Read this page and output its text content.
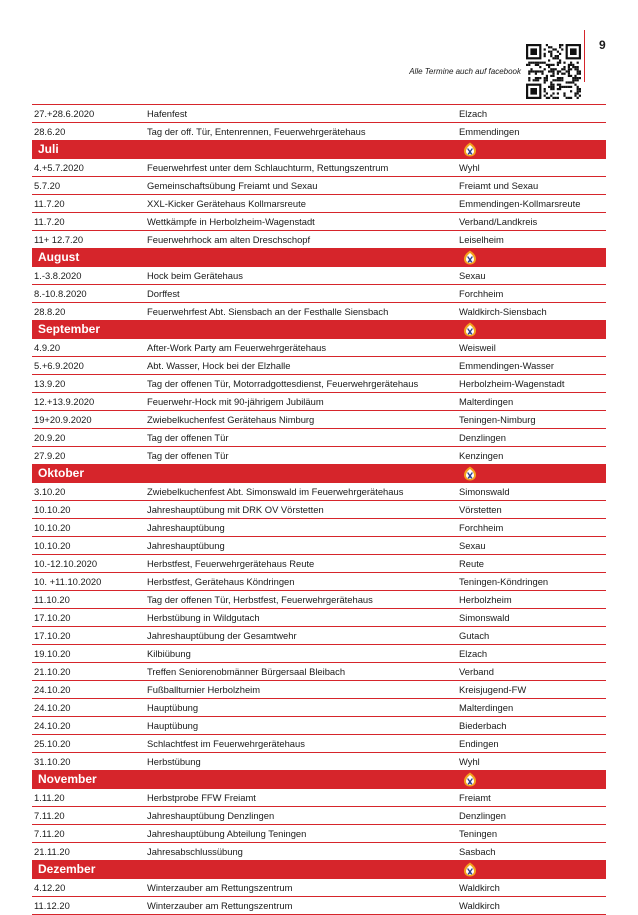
9
Alle Termine auch auf facebook
27.+28.6.2020	Hafenfest	Elzach
28.6.20	Tag der off. Tür, Entenrennen, Feuerwehrgerätehaus	Emmendingen
Juli
4.+5.7.2020	Feuerwehrfest unter dem Schlauchturm, Rettungszentrum	Wyhl
5.7.20	Gemeinschaftsübung Freiamt und Sexau	Freiamt und Sexau
11.7.20	XXL-Kicker Gerätehaus Kollmarsreute	Emmendingen-Kollmarsreute
11.7.20	Wettkämpfe in Herbolzheim-Wagenstadt	Verband/Landkreis
11+ 12.7.20	Feuerwehrhock am alten Dreschschopf	Leiselheim
August
1.-3.8.2020	Hock beim Gerätehaus	Sexau
8.-10.8.2020	Dorffest	Forchheim
28.8.20	Feuerwehrfest Abt. Siensbach an der Festhalle Siensbach	Waldkirch-Siensbach
September
4.9.20	After-Work Party am Feuerwehrgerätehaus	Weisweil
5.+6.9.2020	Abt. Wasser, Hock bei der Elzhalle	Emmendingen-Wasser
13.9.20	Tag der offenen Tür, Motorradgottesdienst, Feuerwehrgerätehaus	Herbolzheim-Wagenstadt
12.+13.9.2020	Feuerwehr-Hock mit 90-jährigem Jubiläum	Malterdingen
19+20.9.2020	Zwiebelkuchenfest Gerätehaus Nimburg	Teningen-Nimburg
20.9.20	Tag der offenen Tür	Denzlingen
27.9.20	Tag der offenen Tür	Kenzingen
Oktober
3.10.20	Zwiebelkuchenfest Abt. Simonswald im Feuerwehrgerätehaus	Simonswald
10.10.20	Jahreshauptübung mit DRK OV Vörstetten	Vörstetten
10.10.20	Jahreshauptübung	Forchheim
10.10.20	Jahreshauptübung	Sexau
10.-12.10.2020	Herbstfest, Feuerwehrgerätehaus Reute	Reute
10. +11.10.2020	Herbstfest, Gerätehaus Köndringen	Teningen-Köndringen
11.10.20	Tag der offenen Tür, Herbstfest, Feuerwehrgerätehaus	Herbolzheim
17.10.20	Herbstübung in Wildgutach	Simonswald
17.10.20	Jahreshauptübung der Gesamtwehr	Gutach
19.10.20	Kilbiübung	Elzach
21.10.20	Treffen Seniorenobmänner Bürgersaal Bleibach	Verband
24.10.20	Fußballturnier Herbolzheim	Kreisjugend-FW
24.10.20	Hauptübung	Malterdingen
24.10.20	Hauptübung	Biederbach
25.10.20	Schlachtfest im Feuerwehrgerätehaus	Endingen
31.10.20	Herbstübung	Wyhl
November
1.11.20	Herbstprobe FFW Freiamt	Freiamt
7.11.20	Jahreshauptübung Denzlingen	Denzlingen
7.11.20	Jahreshauptübung Abteilung Teningen	Teningen
21.11.20	Jahresabschlussübung	Sasbach
Dezember
4.12.20	Winterzauber am Rettungszentrum	Waldkirch
11.12.20	Winterzauber am Rettungszentrum	Waldkirch
